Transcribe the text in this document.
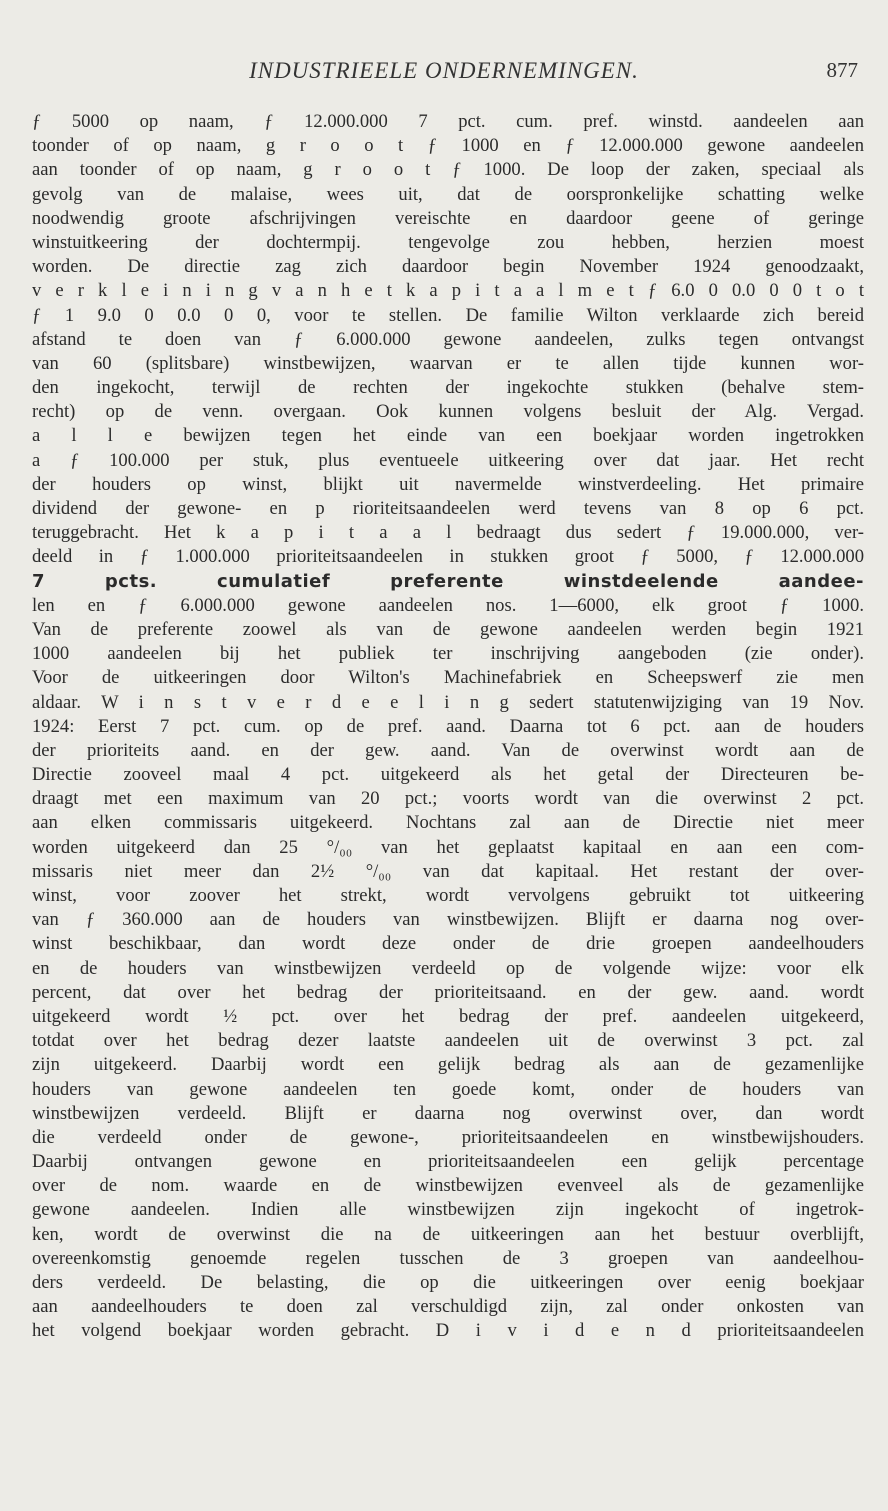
INDUSTRIEELE ONDERNEMINGEN.	877
ƒ 5000 op naam, ƒ 12.000.000 7 pct. cum. pref. winstd. aandeelen aan
toonder of op naam, g r o o t ƒ 1000 en ƒ 12.000.000 gewone aandeelen
aan toonder of op naam, g r o o t ƒ 1000. De loop der zaken, speciaal als
gevolg van de malaise, wees uit, dat de oorspronkelijke schatting welke
noodwendig groote afschrijvingen vereischte en daardoor geene of geringe
winstuitkeering der dochtermpij. tengevolge zou hebben, herzien moest
worden. De directie zag zich daardoor begin November 1924 genoodzaakt,
v e r k l e i n i n g v a n h e t k a p i t a a l m e t ƒ 6.0 0 0.0 0 0 t o t
ƒ 1 9.0 0 0.0 0 0, voor te stellen. De familie Wilton verklaarde zich bereid
afstand te doen van ƒ 6.000.000 gewone aandeelen, zulks tegen ontvangst
van 60 (splitsbare) winstbewijzen, waarvan er te allen tijde kunnen wor-
den ingekocht, terwijl de rechten der ingekochte stukken (behalve stem-
recht) op de venn. overgaan. Ook kunnen volgens besluit der Alg. Vergad.
a l l e bewijzen tegen het einde van een boekjaar worden ingetrokken
a ƒ 100.000 per stuk, plus eventueele uitkeering over dat jaar. Het recht
der houders op winst, blijkt uit navermelde winstverdeeling. Het primaire
dividend der gewone- en p rioriteitsaandeelen werd tevens van 8 op 6 pct.
teruggebracht. Het k a p i t a a l bedraagt dus sedert ƒ 19.000.000, ver-
deeld in ƒ 1.000.000 prioriteitsaandeelen in stukken groot ƒ 5000, ƒ 12.000.000
7 pcts. cumulatief preferente winstdeelende aandee-
len en ƒ 6.000.000 gewone aandeelen nos. 1—6000, elk groot ƒ 1000.
Van de preferente zoowel als van de gewone aandeelen werden begin 1921
1000 aandeelen bij het publiek ter inschrijving aangeboden (zie onder).
Voor de uitkeeringen door Wilton's Machinefabriek en Scheepswerf zie men
aldaar. W i n s t v e r d e e l i n g sedert statutenwijziging van 19 Nov.
1924: Eerst 7 pct. cum. op de pref. aand. Daarna tot 6 pct. aan de houders
der prioriteits aand. en der gew. aand. Van de overwinst wordt aan de
Directie zooveel maal 4 pct. uitgekeerd als het getal der Directeuren be-
draagt met een maximum van 20 pct.; voorts wordt van die overwinst 2 pct.
aan elken commissaris uitgekeerd. Nochtans zal aan de Directie niet meer
worden uitgekeerd dan 25 °/₀₀ van het geplaatst kapitaal en aan een com-
missaris niet meer dan 2½ °/₀₀ van dat kapitaal. Het restant der over-
winst, voor zoover het strekt, wordt vervolgens gebruikt tot uitkeering
van ƒ 360.000 aan de houders van winstbewijzen. Blijft er daarna nog over-
winst beschikbaar, dan wordt deze onder de drie groepen aandeelhouders
en de houders van winstbewijzen verdeeld op de volgende wijze: voor elk
percent, dat over het bedrag der prioriteitsaand. en der gew. aand. wordt
uitgekeerd wordt ½ pct. over het bedrag der pref. aandeelen uitgekeerd,
totdat over het bedrag dezer laatste aandeelen uit de overwinst 3 pct. zal
zijn uitgekeerd. Daarbij wordt een gelijk bedrag als aan de gezamenlijke
houders van gewone aandeelen ten goede komt, onder de houders van
winstbewijzen verdeeld. Blijft er daarna nog overwinst over, dan wordt
die verdeeld onder de gewone-, prioriteitsaandeelen en winstbewijshouders.
Daarbij ontvangen gewone en prioriteitsaandeelen een gelijk percentage
over de nom. waarde en de winstbewijzen evenveel als de gezamenlijke
gewone aandeelen. Indien alle winstbewijzen zijn ingekocht of ingetrok-
ken, wordt de overwinst die na de uitkeeringen aan het bestuur overblijft,
overeenkomstig genoemde regelen tusschen de 3 groepen van aandeelhou-
ders verdeeld. De belasting, die op die uitkeeringen over eenig boekjaar
aan aandeelhouders te doen zal verschuldigd zijn, zal onder onkosten van
het volgend boekjaar worden gebracht. D i v i d e n d prioriteitsaandeelen
